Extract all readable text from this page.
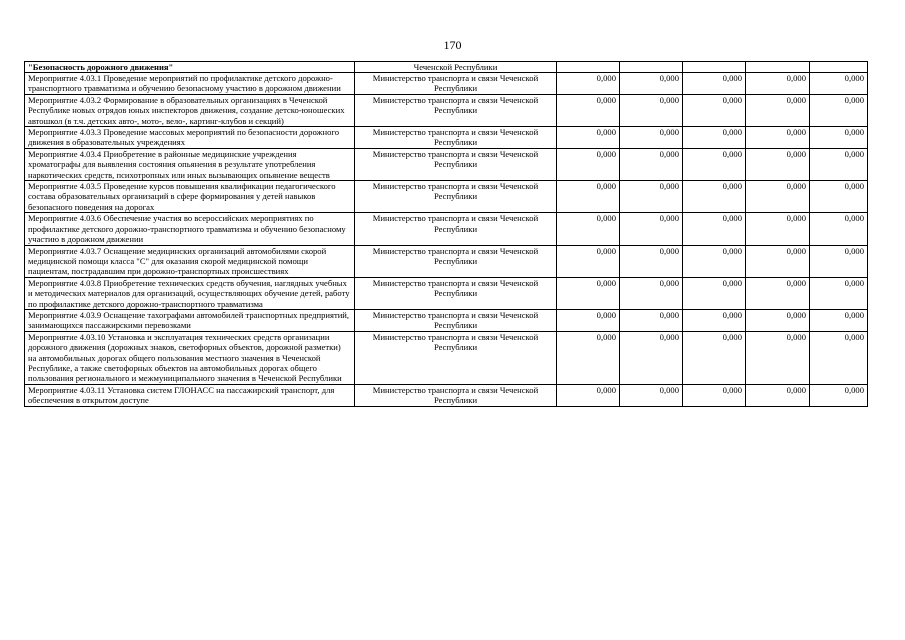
170
"Безопасность дорожного движения"	Чеченской Республики					
Мероприятие 4.03.1 Проведение мероприятий по профилактике детского дорожно-транспортного травматизма и обучению безопасному участию в дорожном движении	Министерство транспорта и связи Чеченской Республики	0,000	0,000	0,000	0,000	0,000
Мероприятие 4.03.2 Формирование в образовательных организациях в Чеченской Республике новых отрядов юных инспекторов движения, создание детско-юношеских автошкол (в т.ч. детских авто-, мото-, вело-, картинг-клубов и секций)	Министерство транспорта и связи Чеченской Республики	0,000	0,000	0,000	0,000	0,000
Мероприятие 4.03.3 Проведение массовых мероприятий по безопасности дорожного движения в образовательных учреждениях	Министерство транспорта и связи Чеченской Республики	0,000	0,000	0,000	0,000	0,000
Мероприятие 4.03.4 Приобретение в районные медицинские учреждения хроматографы для выявления состояния опьянения в результате употребления наркотических средств, психотропных или иных вызывающих опьянение веществ	Министерство транспорта и связи Чеченской Республики	0,000	0,000	0,000	0,000	0,000
Мероприятие 4.03.5 Проведение курсов повышения квалификации педагогического состава образовательных организаций в сфере формирования у детей навыков безопасного поведения на дорогах	Министерство транспорта и связи Чеченской Республики	0,000	0,000	0,000	0,000	0,000
Мероприятие 4.03.6 Обеспечение участия во всероссийских мероприятиях по профилактике детского дорожно-транспортного травматизма и обучению безопасному участию в дорожном движении	Министерство транспорта и связи Чеченской Республики	0,000	0,000	0,000	0,000	0,000
Мероприятие 4.03.7 Оснащение медицинских организаций автомобилями скорой медицинской помощи класса "С" для оказания скорой медицинской помощи пациентам, пострадавшим при дорожно-транспортных происшествиях	Министерство транспорта и связи Чеченской Республики	0,000	0,000	0,000	0,000	0,000
Мероприятие 4.03.8 Приобретение технических средств обучения, наглядных учебных и методических материалов для организаций, осуществляющих обучение детей, работу по профилактике детского дорожно-транспортного травматизма	Министерство транспорта и связи Чеченской Республики	0,000	0,000	0,000	0,000	0,000
Мероприятие 4.03.9 Оснащение тахографами автомобилей транспортных предприятий, занимающихся пассажирскими перевозками	Министерство транспорта и связи Чеченской Республики	0,000	0,000	0,000	0,000	0,000
Мероприятие 4.03.10 Установка и эксплуатация технических средств организации дорожного движения (дорожных знаков, светофорных объектов, дорожной разметки) на автомобильных дорогах общего пользования местного значения в Чеченской Республике, а также светофорных объектов на автомобильных дорогах общего пользования регионального и межмуниципального значения в Чеченской Республики	Министерство транспорта и связи Чеченской Республики	0,000	0,000	0,000	0,000	0,000
Мероприятие 4.03.11 Установка систем ГЛОНАСС на пассажирский транспорт, для обеспечения в открытом доступе	Министерство транспорта и связи Чеченской Республики	0,000	0,000	0,000	0,000	0,000
